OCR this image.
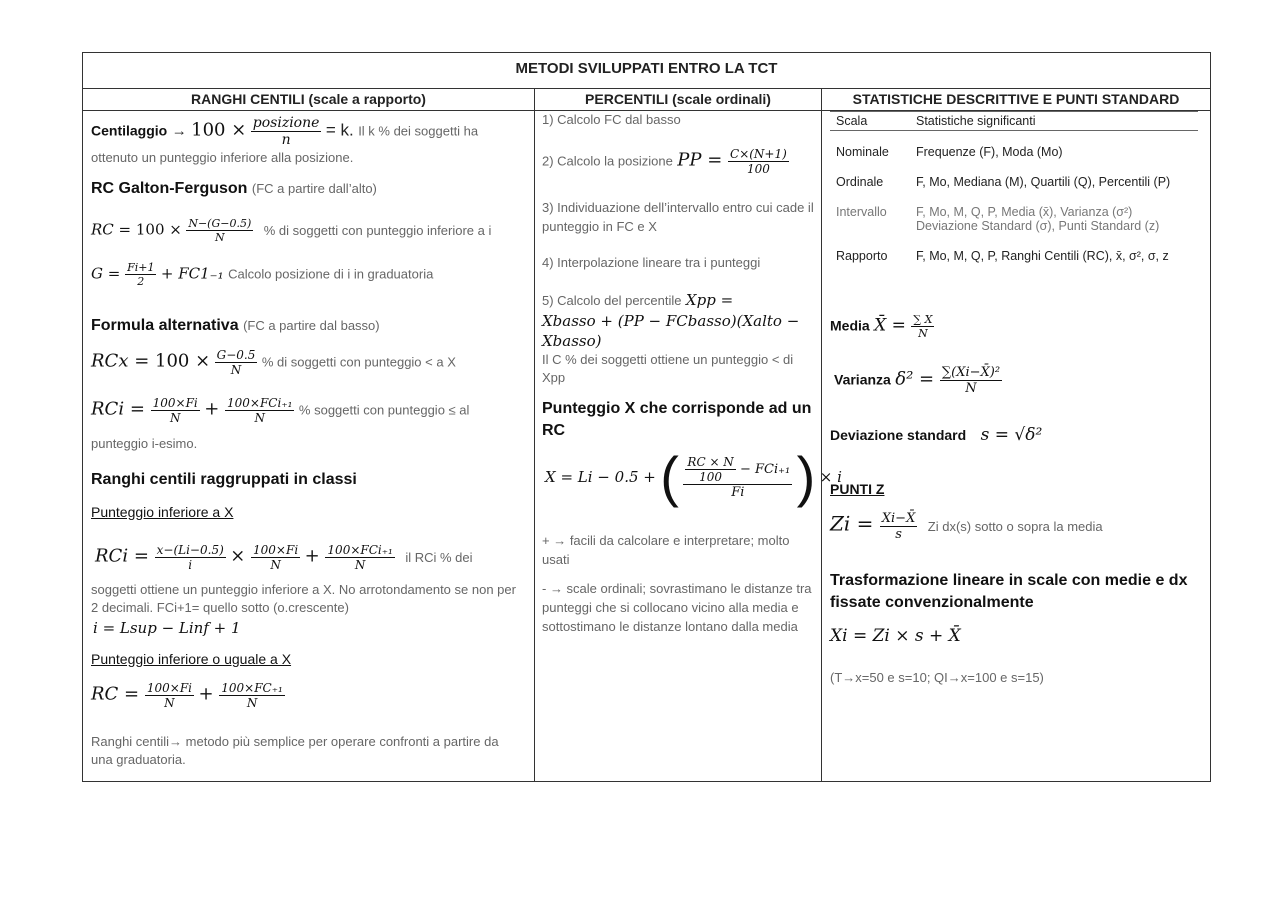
METODI SVILUPPATI ENTRO LA TCT
RANGHI CENTILI (scale a rapporto)	PERCENTILI (scale ordinali)	STATISTICHE DESCRITTIVE E PUNTI STANDARD
Centilaggio → $100 \times \frac{\text{posizione}}{n} = k$. Il k % dei soggetti ha
ottenuto un punteggio inferiore alla posizione.
RC Galton-Ferguson (FC a partire dall’alto)
RC = $100 \times \frac{N-(G-0.5)}{N}$ % di soggetti con punteggio inferiore a i
$G = \frac{Fi+1}{2} + FC1_{-1}$ Calcolo posizione di i in graduatoria
Formula alternativa (FC a partire dal basso)
RCx = $100 \times \frac{G-0.5}{N}$ % di soggetti con punteggio < a X
RCi = $\frac{100\times Fi}{N} + \frac{\text{100×FCi₊₁}}{N}$ % soggetti con punteggio ≤ al
punteggio i-esimo.
Ranghi centili raggruppati in classi
Punteggio inferiore a X
RCi = $\frac{x-(Li-0.5)}{i} \times \frac{100\times Fi}{N} + \frac{\text{100×FCi₊₁}}{N}$ il RCi % dei
soggetti ottiene un punteggio inferiore a X. No arrotondamento se non per 2 decimali. FCi+1= quello sotto (o.crescente)
i = Lsup − Linf + 1
Punteggio inferiore o uguale a X
RC = $\frac{100\times Fi}{N} + \frac{\text{100×FC₊₁}}{N}$
Ranghi centili→ metodo più semplice per operare confronti a partire da una graduatoria.
1) Calcolo FC dal basso
2) Calcolo la posizione PP = $\frac{C\times(N+1)}{100}$
3) Individuazione dell’intervallo entro cui cade il punteggio in FC e X
4) Interpolazione lineare tra i punteggi
5) Calcolo del percentile Xpp =
Xbasso + (PP − FCbasso)(Xalto − Xbasso)
Il C % dei soggetti ottiene un punteggio < di Xpp
Punteggio X che corrisponde ad un RC
X = Li − 0.5 + ( $\frac{\frac{RC \times N}{100} - FCi_{+1}}{Fi}$ ) × i
+ → facili da calcolare e interpretare; molto usati
- → scale ordinali; sovrastimano le distanze tra punteggi che si collocano vicino alla media e sottostimano le distanze lontano dalla media
Scala	Statistiche significanti
Nominale	Frequenze (F), Moda (Mo)
Ordinale	F, Mo, Mediana (M), Quartili (Q), Percentili (P)
Intervallo	F, Mo, M, Q, P, Media (x̄), Varianza (σ²)
Deviazione Standard (σ), Punti Standard (z)
Rapporto	F, Mo, M, Q, P, Ranghi Centili (RC), x̄, σ², σ, z
Media X̄ = $\frac{\sum X}{N}$
Varianza $\delta^2 = \frac{\text{∑(Xi−X̄)²}}{N}$
Deviazione standard s = √δ²
PUNTI Z
$Zi = \frac{Xi-X̄}{s}$ Zi dx(s) sotto o sopra la media
Trasformazione lineare in scale con medie e dx fissate convenzionalmente
Xi = Zi × s + X̄
(T→x=50 e s=10; QI→x=100 e s=15)
